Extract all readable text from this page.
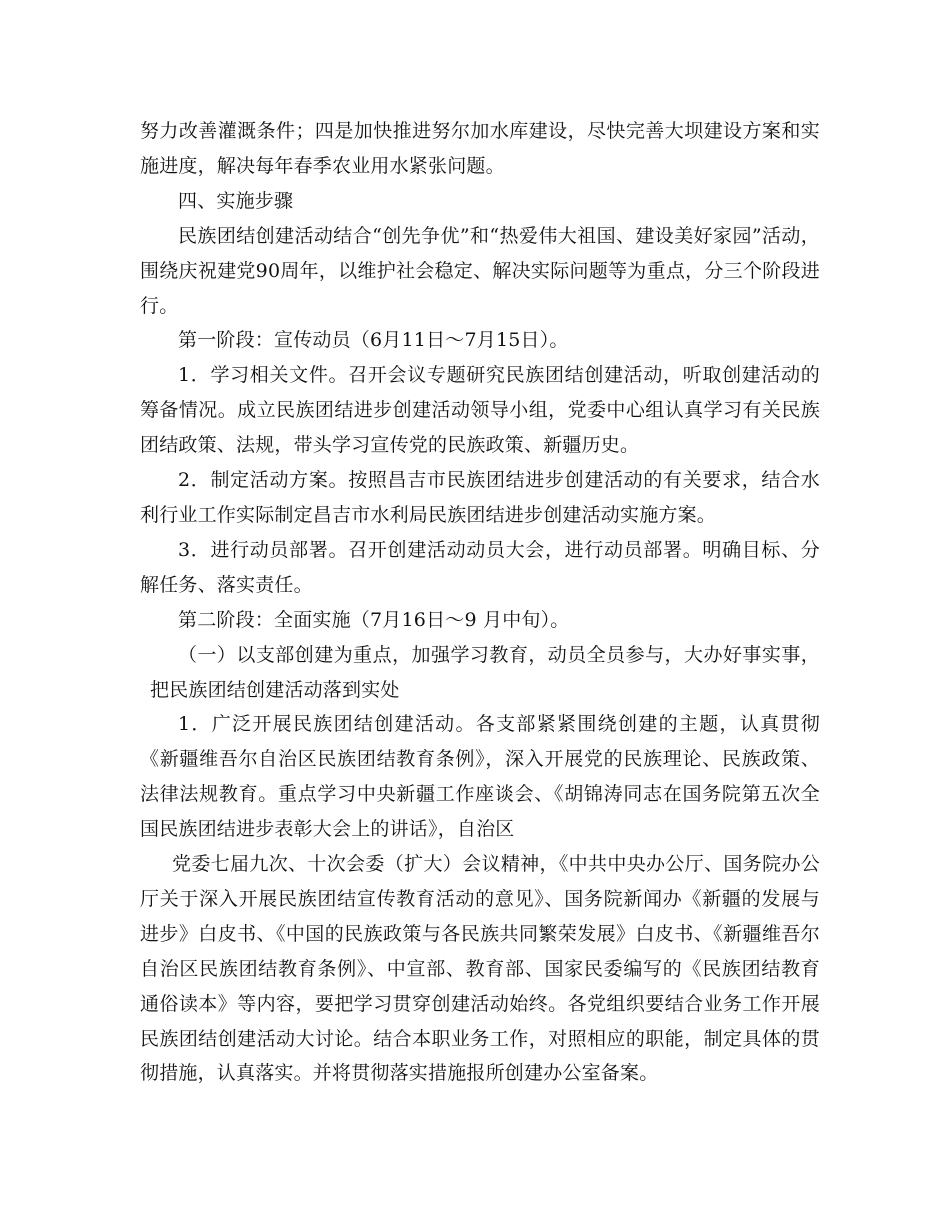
努力改善灌溉条件；四是加快推进努尔加水库建设，尽快完善大坝建设方案和实施进度，解决每年春季农业用水紧张问题。

四、实施步骤

民族团结创建活动结合“创先争优”和“热爱伟大祖国、建设美好家园”活动，围绕庆祝建党90周年，以维护社会稳定、解决实际问题等为重点，分三个阶段进行。

第一阶段：宣传动员（6月11日～7月15日）。

1．学习相关文件。召开会议专题研究民族团结创建活动，听取创建活动的筹备情况。成立民族团结进步创建活动领导小组，党委中心组认真学习有关民族团结政策、法规，带头学习宣传党的民族政策、新疆历史。

2．制定活动方案。按照昌吉市民族团结进步创建活动的有关要求，结合水利行业工作实际制定昌吉市水利局民族团结进步创建活动实施方案。

3．进行动员部署。召开创建活动动员大会，进行动员部署。明确目标、分解任务、落实责任。

第二阶段：全面实施（7月16日～9 月中旬）。

（一）以支部创建为重点，加强学习教育，动员全员参与，大办好事实事，把民族团结创建活动落到实处

1．广泛开展民族团结创建活动。各支部紧紧围绕创建的主题，认真贯彻《新疆维吾尔自治区民族团结教育条例》，深入开展党的民族理论、民族政策、法律法规教育。重点学习中央新疆工作座谈会、《胡锦涛同志在国务院第五次全国民族团结进步表彰大会上的讲话》，自治区

党委七届九次、十次会委（扩大）会议精神，《中共中央办公厅、国务院办公厅关于深入开展民族团结宣传教育活动的意见》、国务院新闻办《新疆的发展与进步》白皮书、《中国的民族政策与各民族共同繁荣发展》白皮书、《新疆维吾尔自治区民族团结教育条例》、中宣部、教育部、国家民委编写的《民族团结教育通俗读本》等内容，要把学习贯穿创建活动始终。各党组织要结合业务工作开展民族团结创建活动大讨论。结合本职业务工作，对照相应的职能，制定具体的贯彻措施，认真落实。并将贯彻落实措施报所创建办公室备案。
